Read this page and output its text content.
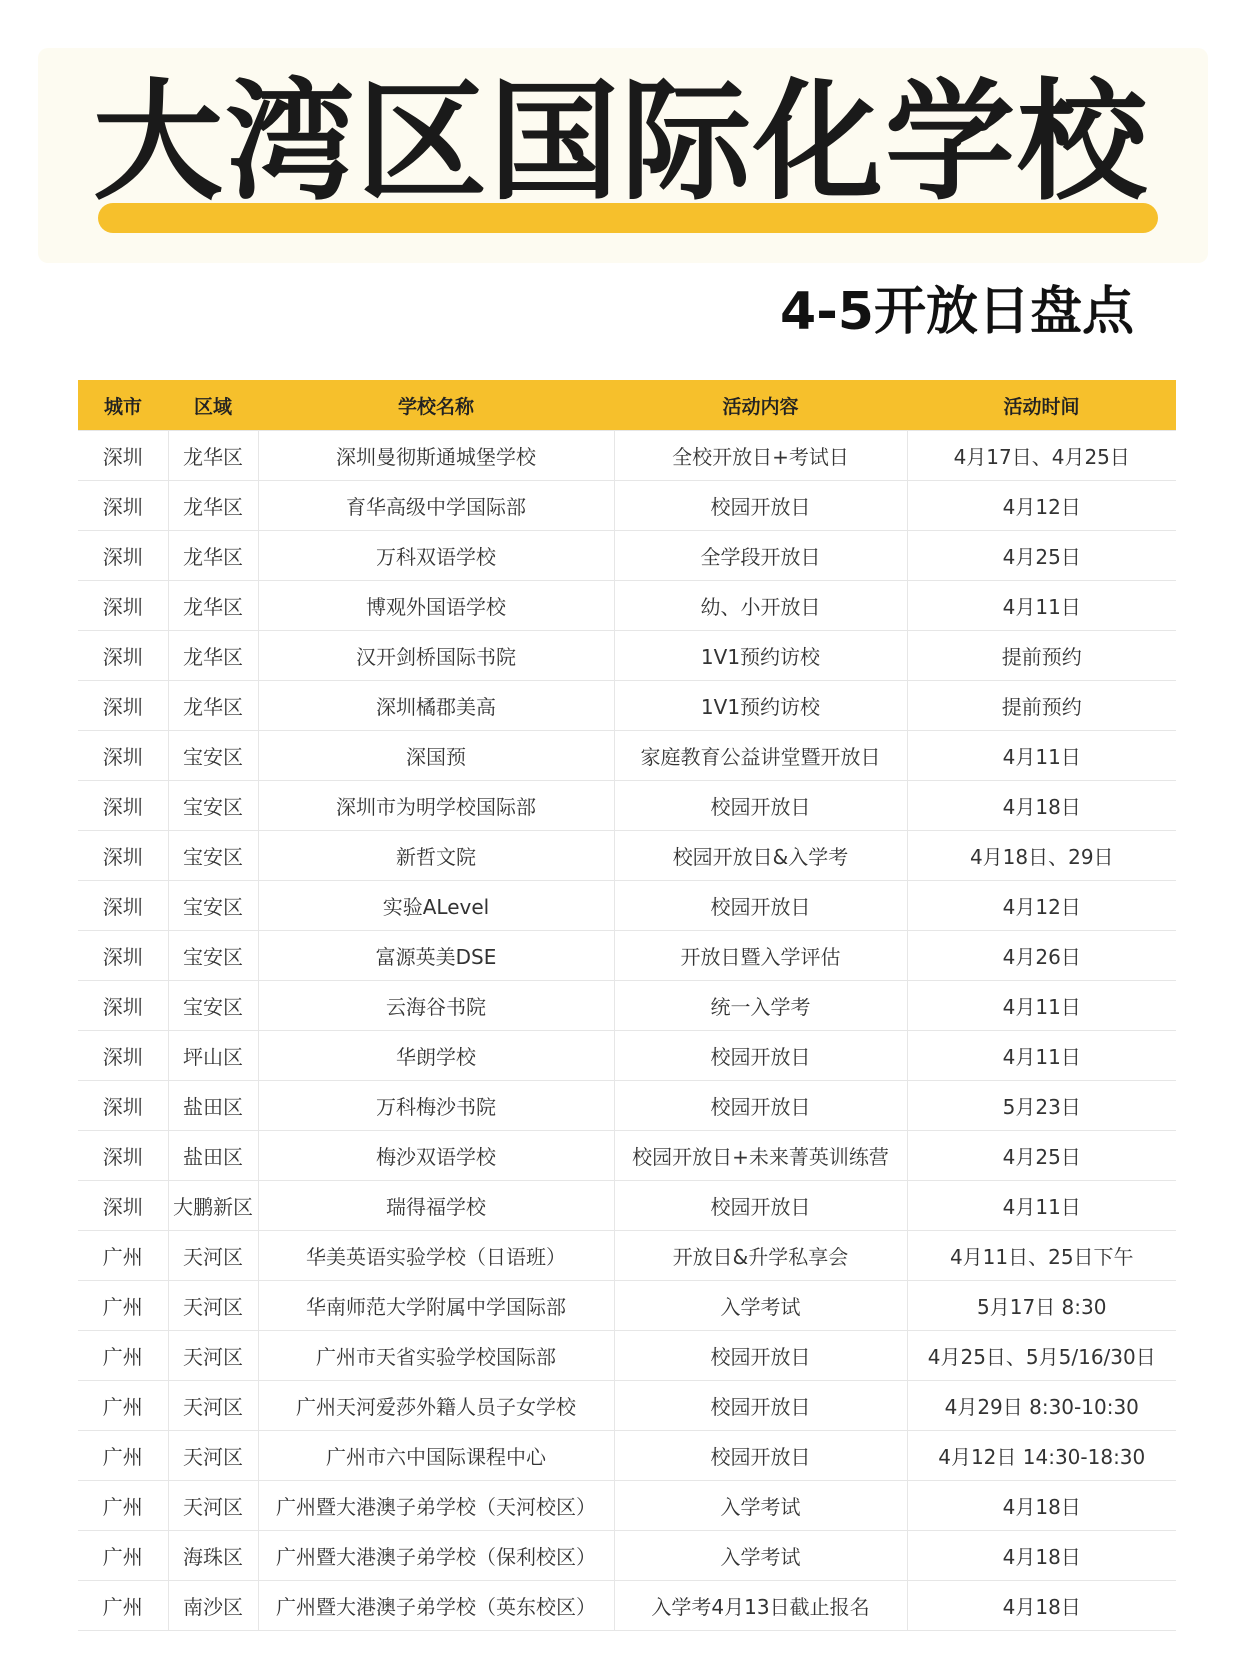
大湾区国际化学校
4-5开放日盘点
城市	区域	学校名称	活动内容	活动时间
深圳	龙华区	深圳曼彻斯通城堡学校	全校开放日+考试日	4月17日、4月25日
深圳	龙华区	育华高级中学国际部	校园开放日	4月12日
深圳	龙华区	万科双语学校	全学段开放日	4月25日
深圳	龙华区	博观外国语学校	幼、小开放日	4月11日
深圳	龙华区	汉开剑桥国际书院	1V1预约访校	提前预约
深圳	龙华区	深圳橘郡美高	1V1预约访校	提前预约
深圳	宝安区	深国预	家庭教育公益讲堂暨开放日	4月11日
深圳	宝安区	深圳市为明学校国际部	校园开放日	4月18日
深圳	宝安区	新哲文院	校园开放日&入学考	4月18日、29日
深圳	宝安区	实验ALevel	校园开放日	4月12日
深圳	宝安区	富源英美DSE	开放日暨入学评估	4月26日
深圳	宝安区	云海谷书院	统一入学考	4月11日
深圳	坪山区	华朗学校	校园开放日	4月11日
深圳	盐田区	万科梅沙书院	校园开放日	5月23日
深圳	盐田区	梅沙双语学校	校园开放日+未来菁英训练营	4月25日
深圳	大鹏新区	瑞得福学校	校园开放日	4月11日
广州	天河区	华美英语实验学校（日语班）	开放日&升学私享会	4月11日、25日下午
广州	天河区	华南师范大学附属中学国际部	入学考试	5月17日 8:30
广州	天河区	广州市天省实验学校国际部	校园开放日	4月25日、5月5/16/30日
广州	天河区	广州天河爱莎外籍人员子女学校	校园开放日	4月29日 8:30-10:30
广州	天河区	广州市六中国际课程中心	校园开放日	4月12日 14:30-18:30
广州	天河区	广州暨大港澳子弟学校（天河校区）	入学考试	4月18日
广州	海珠区	广州暨大港澳子弟学校（保利校区）	入学考试	4月18日
广州	南沙区	广州暨大港澳子弟学校（英东校区）	入学考4月13日截止报名	4月18日
